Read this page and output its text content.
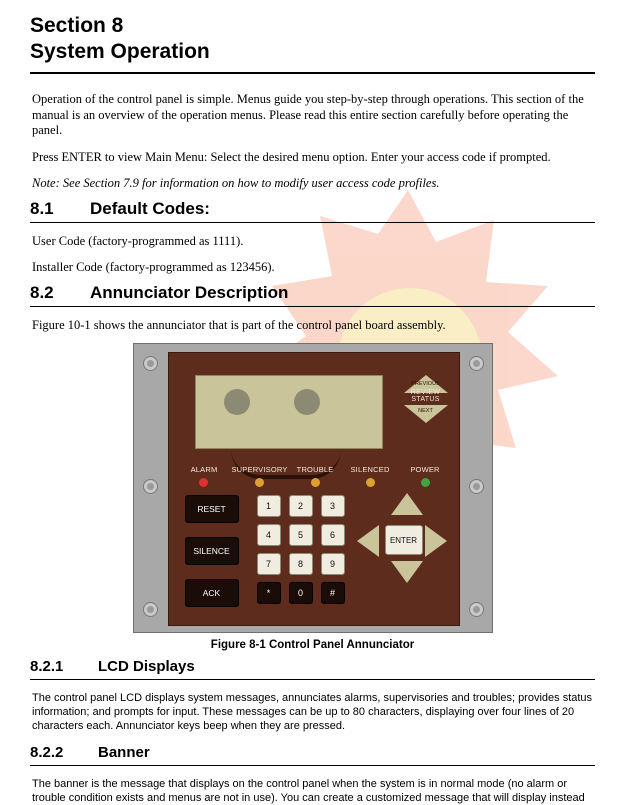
Section 8
System Operation

Operation of the control panel is simple. Menus guide you step-by-step through operations. This section of the manual is an overview of the operation menus. Please read this entire section carefully before operating the panel.

Press ENTER to view Main Menu: Select the desired menu option. Enter your access code if prompted.

Note: See Section 7.9 for information on how to modify user access code profiles.

8.1	Default Codes:

User Code (factory-programmed as 1111).

Installer Code (factory-programmed as 123456).

8.2	Annunciator Description

Figure 10-1 shows the annunciator that is part of the control panel board assembly.

PREVIOUS
REVIEW STATUS
NEXT
ALARM	SUPERVISORY	TROUBLE	SILENCED	POWER
RESET
SILENCE
ACK
1	2	3
4	5	6
7	8	9
*	0	#
ENTER

Figure 8-1 Control Panel Annunciator

8.2.1	LCD Displays

The control panel LCD displays system messages, annunciates alarms, supervisories and troubles; provides status information; and prompts for input. These messages can be up to 80 characters, displaying over four lines of 20 characters each. Annunciator keys beep when they are pressed.

8.2.2	Banner

The banner is the message that displays on the control panel when the system is in normal mode (no alarm or trouble condition exists and menus are not in use). You can create a customized message that will display instead
